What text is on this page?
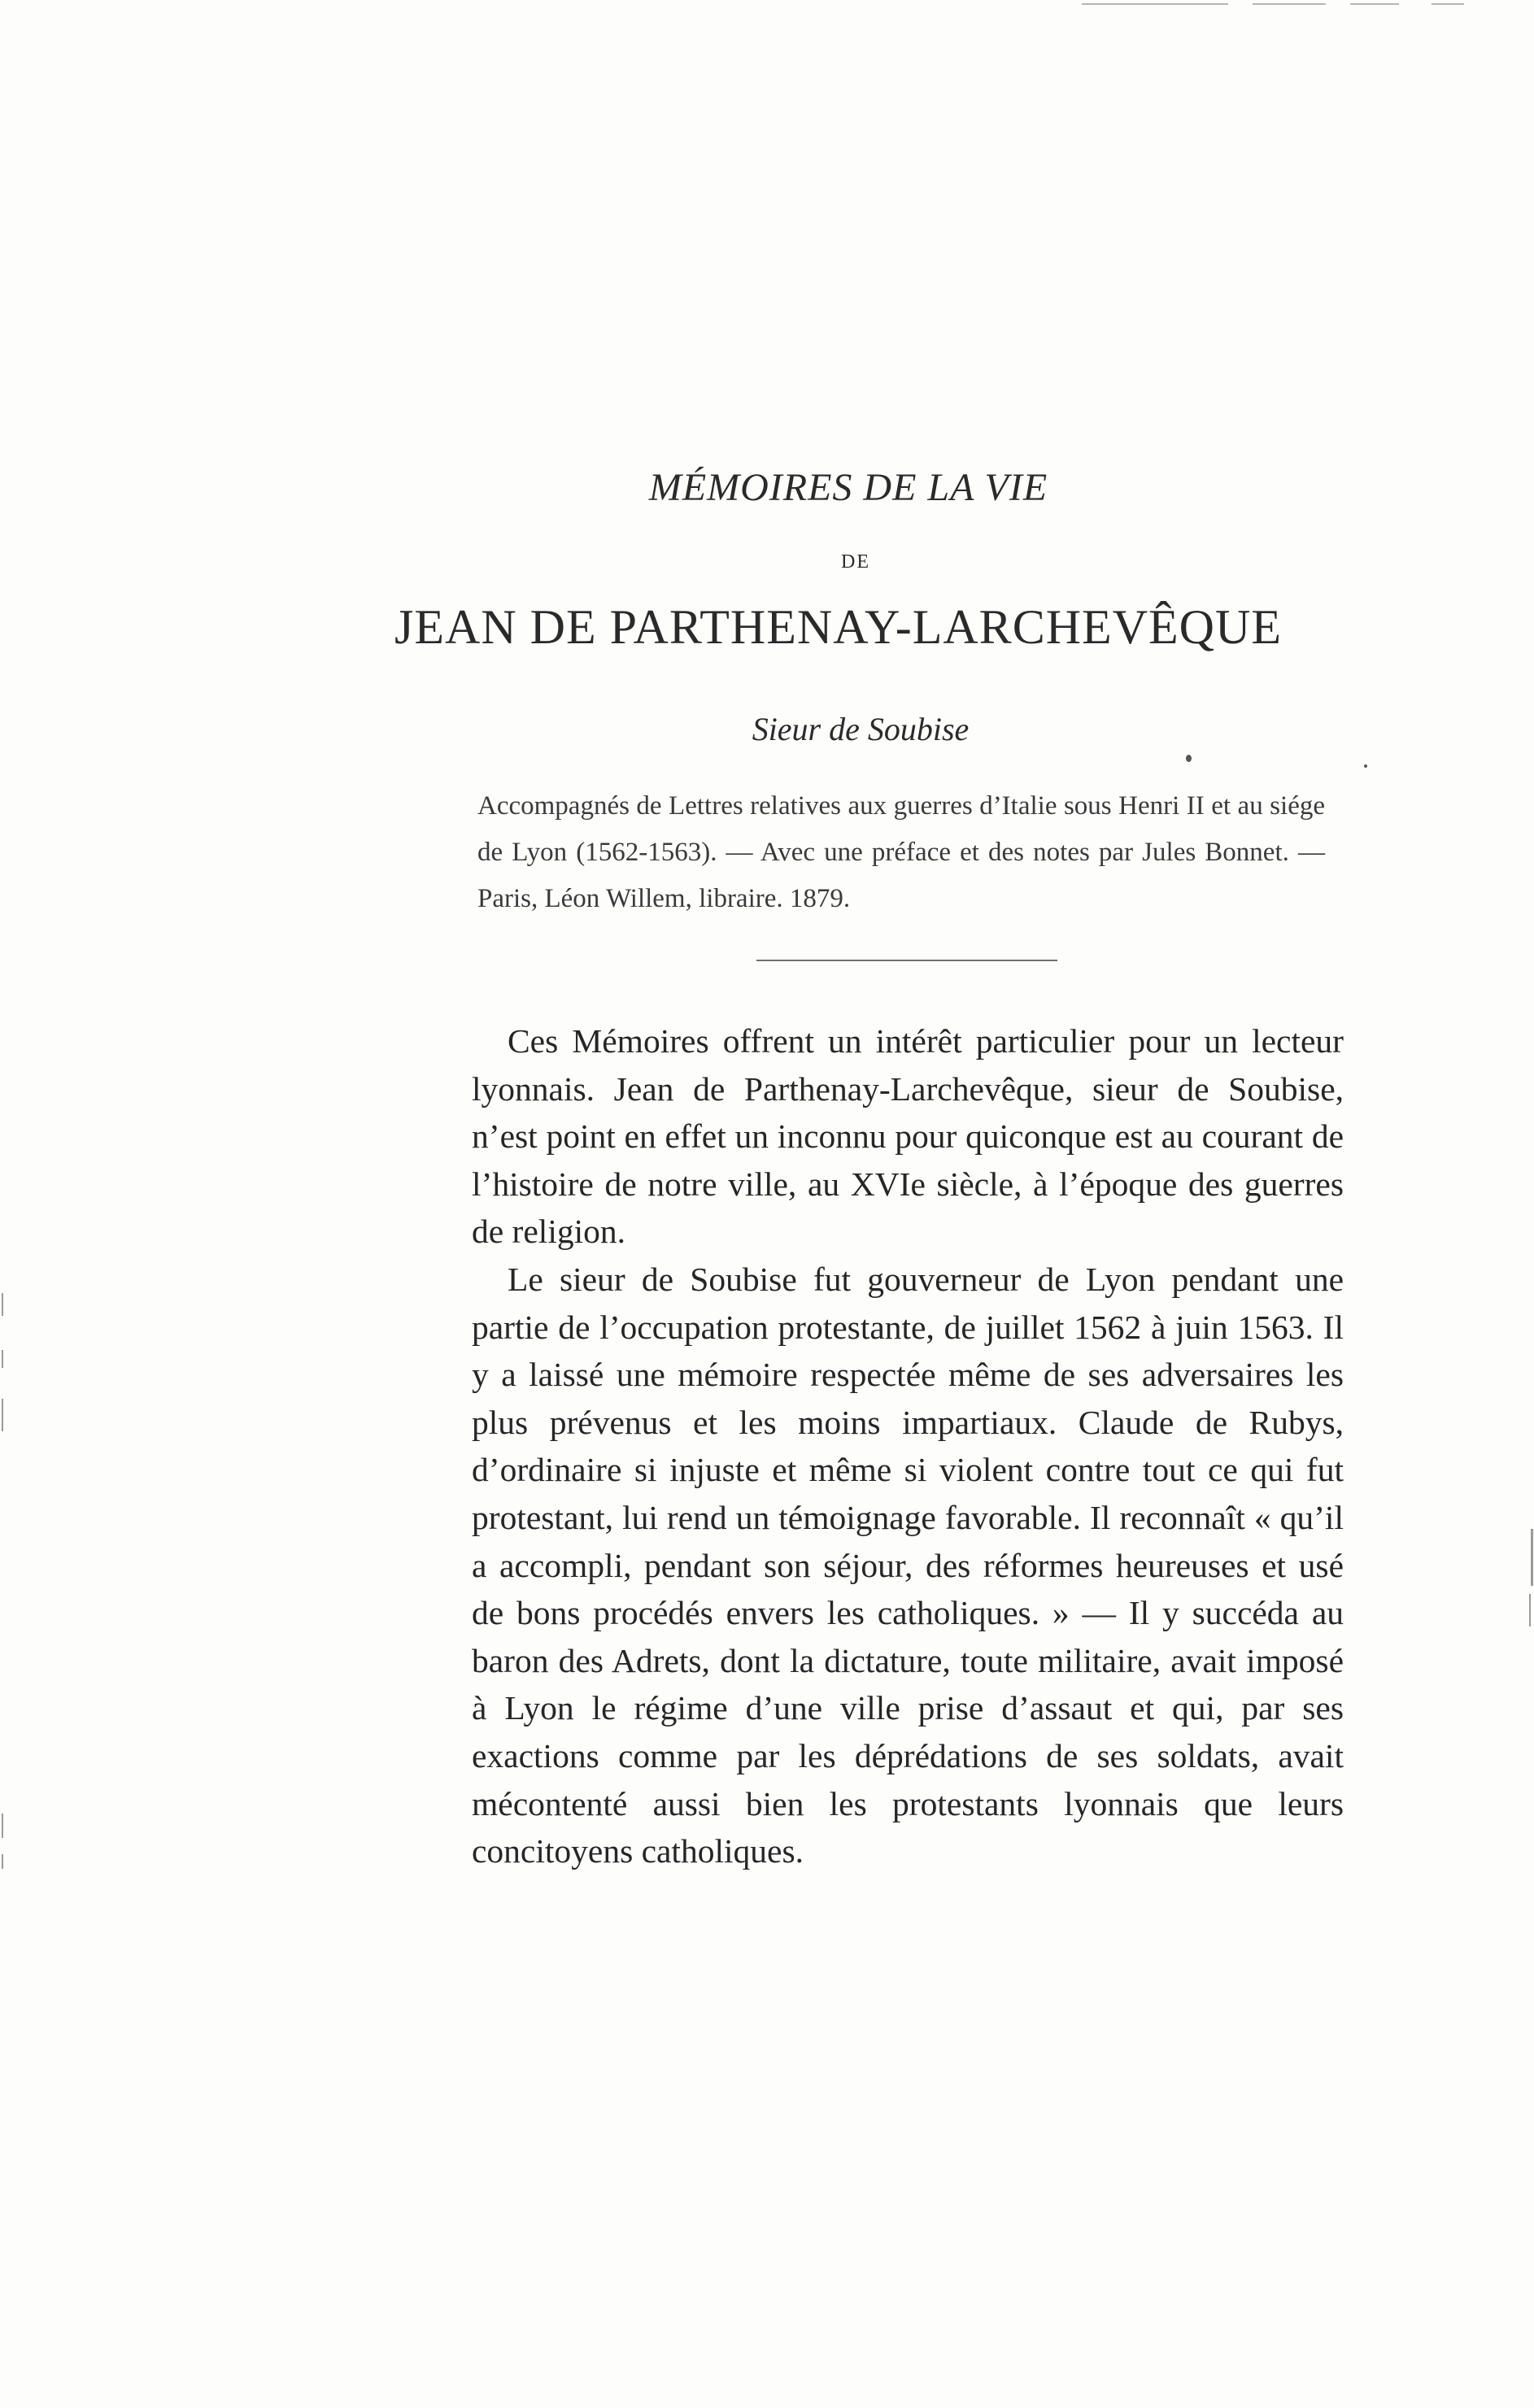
MÉMOIRES DE LA VIE
DE
JEAN DE PARTHENAY-LARCHEVÊQUE
Sieur de Soubise
Accompagnés de Lettres relatives aux guerres d’Italie sous Henri II et au siége de Lyon (1562-1563). — Avec une préface et des notes par Jules Bonnet. — Paris, Léon Willem, libraire. 1879.

Ces Mémoires offrent un intérêt particulier pour un lecteur lyonnais. Jean de Parthenay-Larchevêque, sieur de Soubise, n’est point en effet un inconnu pour quiconque est au courant de l’histoire de notre ville, au XVIe siècle, à l’époque des guerres de religion.

Le sieur de Soubise fut gouverneur de Lyon pendant une partie de l’occupation protestante, de juillet 1562 à juin 1563. Il y a laissé une mémoire respectée même de ses adversaires les plus prévenus et les moins impartiaux. Claude de Rubys, d’ordinaire si injuste et même si violent contre tout ce qui fut protestant, lui rend un témoignage favorable. Il reconnaît « qu’il a accompli, pendant son séjour, des réformes heureuses et usé de bons procédés envers les catholiques. » — Il y succéda au baron des Adrets, dont la dictature, toute militaire, avait imposé à Lyon le régime d’une ville prise d’assaut et qui, par ses exactions comme par les déprédations de ses soldats, avait mécontenté aussi bien les protestants lyonnais que leurs concitoyens catholiques.
